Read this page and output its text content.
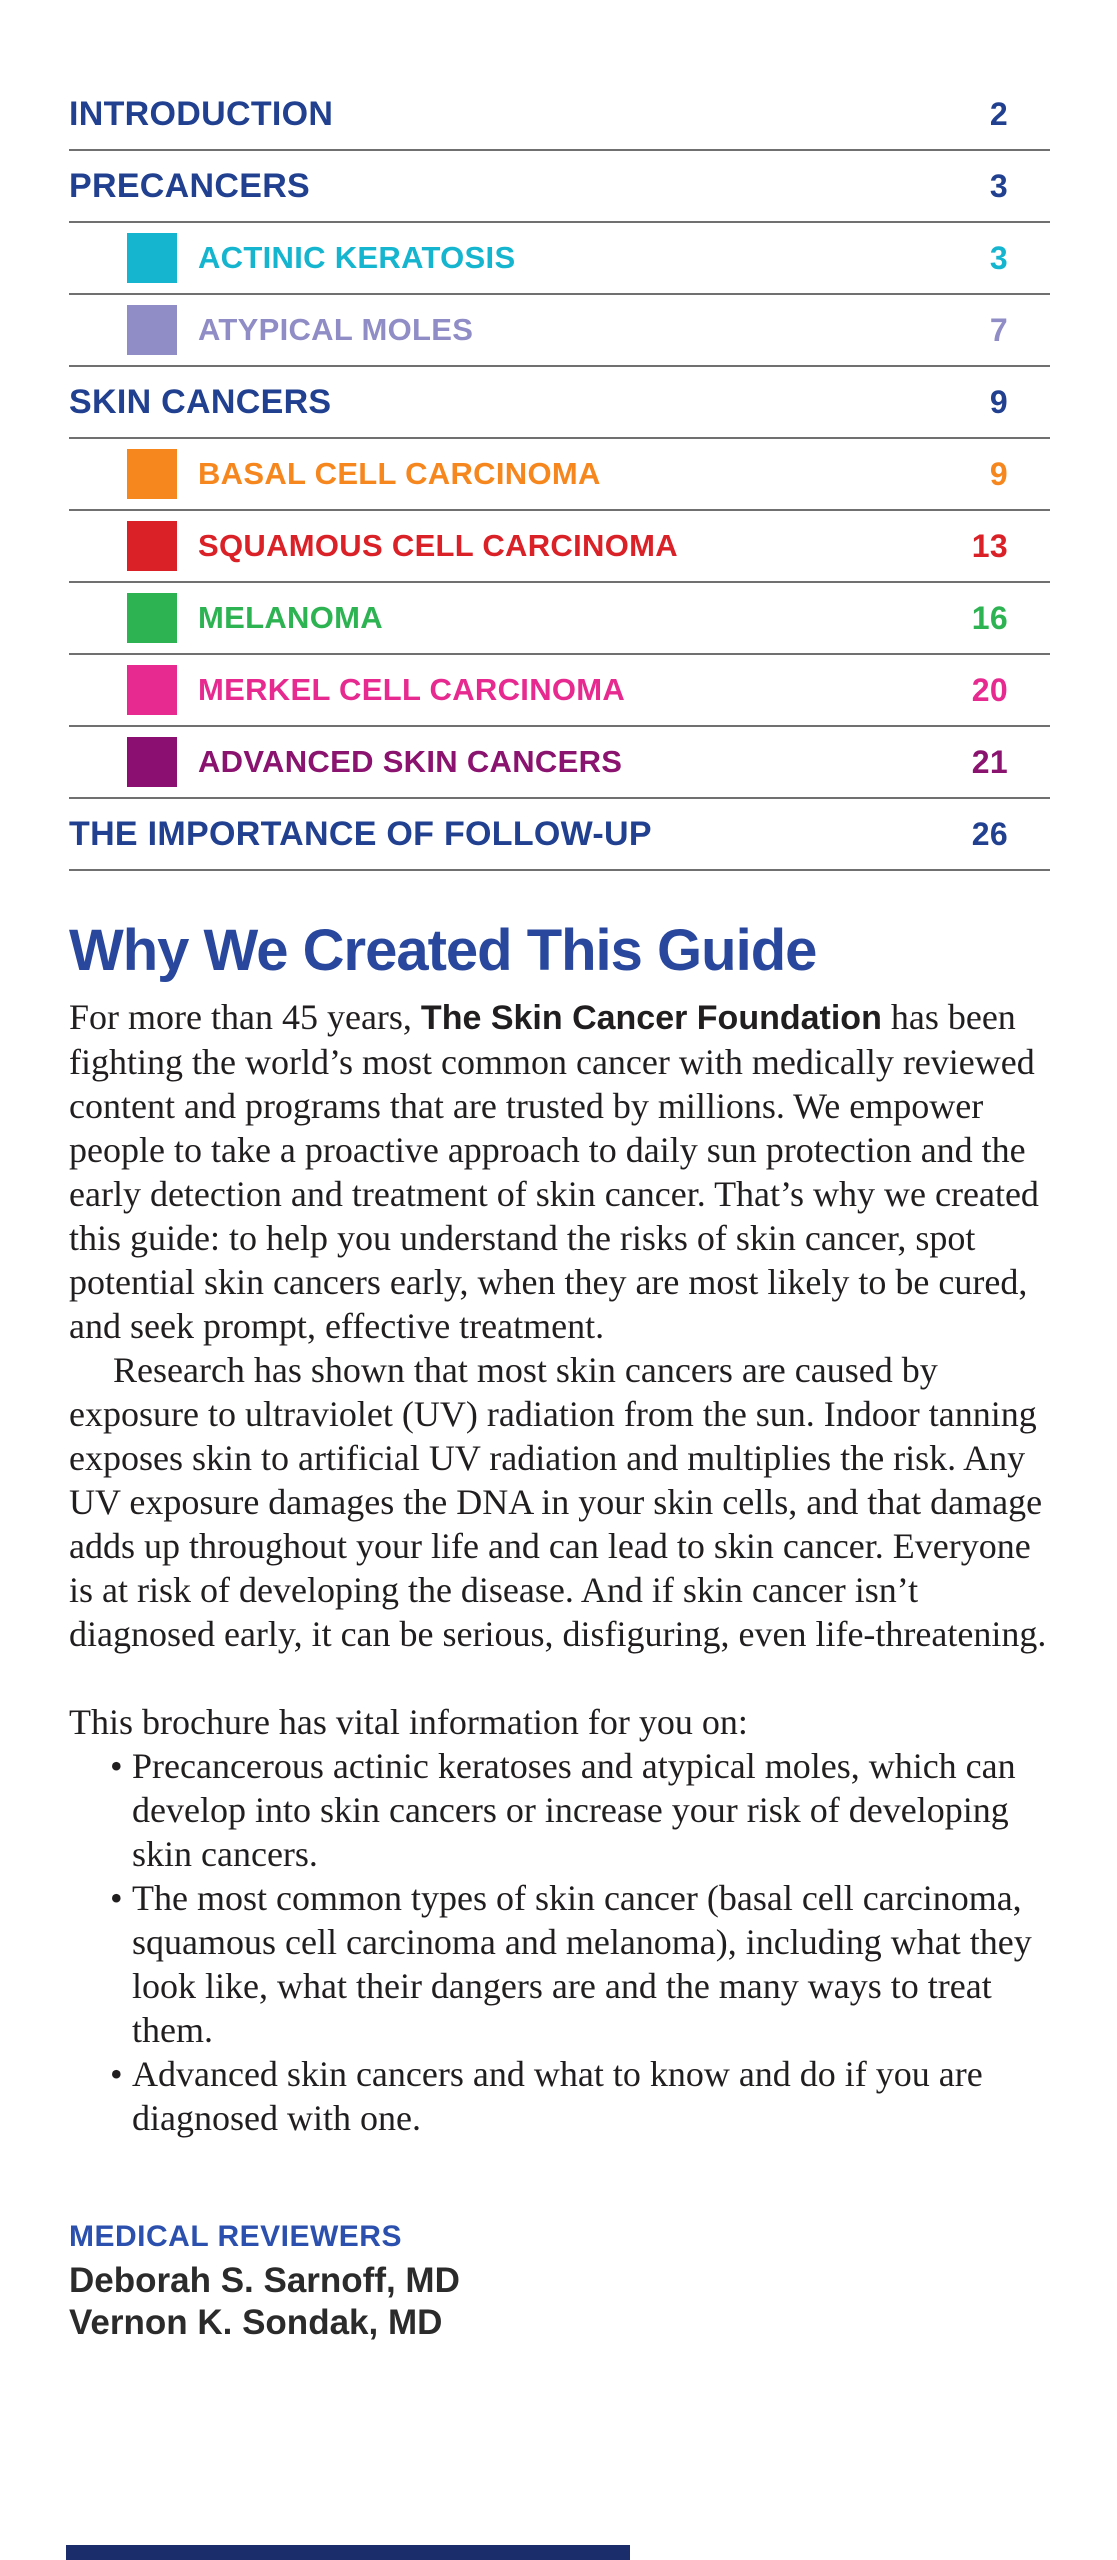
INTRODUCTION	2
PRECANCERS	3
ACTINIC KERATOSIS	3
ATYPICAL MOLES	7
SKIN CANCERS	9
BASAL CELL CARCINOMA	9
SQUAMOUS CELL CARCINOMA	13
MELANOMA	16
MERKEL CELL CARCINOMA	20
ADVANCED SKIN CANCERS	21
THE IMPORTANCE OF FOLLOW-UP	26
Why We Created This Guide

For more than 45 years, The Skin Cancer Foundation has been fighting the world’s most common cancer with medically reviewed content and programs that are trusted by millions. We empower people to take a proactive approach to daily sun protection and the early detection and treatment of skin cancer. That’s why we created this guide: to help you understand the risks of skin cancer, spot potential skin cancers early, when they are most likely to be cured, and seek prompt, effective treatment.

Research has shown that most skin cancers are caused by exposure to ultraviolet (UV) radiation from the sun. Indoor tanning exposes skin to artificial UV radiation and multiplies the risk. Any UV exposure damages the DNA in your skin cells, and that damage adds up throughout your life and can lead to skin cancer. Everyone is at risk of developing the disease. And if skin cancer isn’t diagnosed early, it can be serious, disfiguring, even life-threatening.

This brochure has vital information for you on:

• Precancerous actinic keratoses and atypical moles, which can develop into skin cancers or increase your risk of developing skin cancers.
• The most common types of skin cancer (basal cell carcinoma, squamous cell carcinoma and melanoma), including what they look like, what their dangers are and the many ways to treat them.
• Advanced skin cancers and what to know and do if you are diagnosed with one.
MEDICAL REVIEWERS
Deborah S. Sarnoff, MD
Vernon K. Sondak, MD
